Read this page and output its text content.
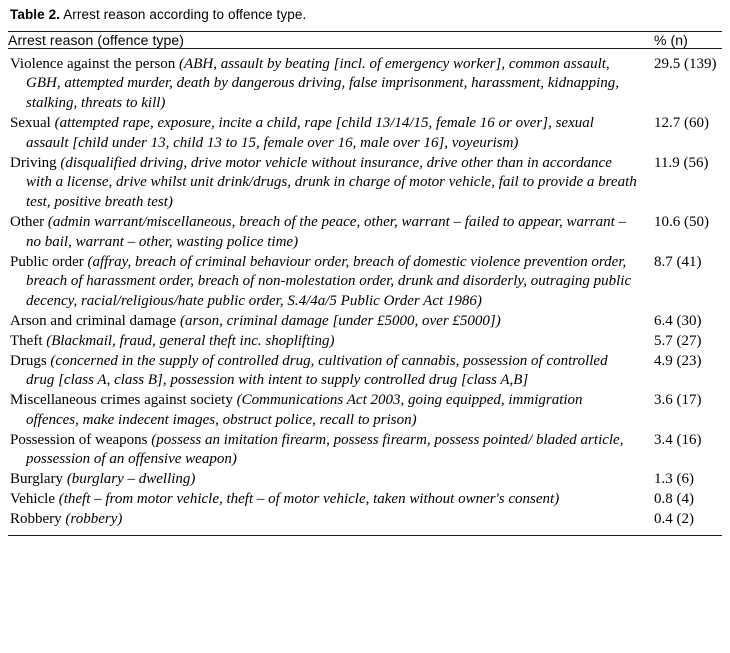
Table 2. Arrest reason according to offence type.
Arrest reason (offence type)	% (n)
Violence against the person (ABH, assault by beating [incl. of emergency worker], common assault, GBH, attempted murder, death by dangerous driving, false imprisonment, harassment, kidnapping, stalking, threats to kill)	29.5 (139)
Sexual (attempted rape, exposure, incite a child, rape [child 13/14/15, female 16 or over], sexual assault [child under 13, child 13 to 15, female over 16, male over 16], voyeurism)	12.7 (60)
Driving (disqualified driving, drive motor vehicle without insurance, drive other than in accordance with a license, drive whilst unit drink/drugs, drunk in charge of motor vehicle, fail to provide a breath test, positive breath test)	11.9 (56)
Other (admin warrant/miscellaneous, breach of the peace, other, warrant – failed to appear, warrant – no bail, warrant – other, wasting police time)	10.6 (50)
Public order (affray, breach of criminal behaviour order, breach of domestic violence prevention order, breach of harassment order, breach of non-molestation order, drunk and disorderly, outraging public decency, racial/religious/hate public order, S.4/4a/5 Public Order Act 1986)	8.7 (41)
Arson and criminal damage (arson, criminal damage [under £5000, over £5000])	6.4 (30)
Theft (Blackmail, fraud, general theft inc. shoplifting)	5.7 (27)
Drugs (concerned in the supply of controlled drug, cultivation of cannabis, possession of controlled drug [class A, class B], possession with intent to supply controlled drug [class A,B]	4.9 (23)
Miscellaneous crimes against society (Communications Act 2003, going equipped, immigration offences, make indecent images, obstruct police, recall to prison)	3.6 (17)
Possession of weapons (possess an imitation firearm, possess firearm, possess pointed/ bladed article, possession of an offensive weapon)	3.4 (16)
Burglary (burglary – dwelling)	1.3 (6)
Vehicle (theft – from motor vehicle, theft – of motor vehicle, taken without owner's consent)	0.8 (4)
Robbery (robbery)	0.4 (2)
